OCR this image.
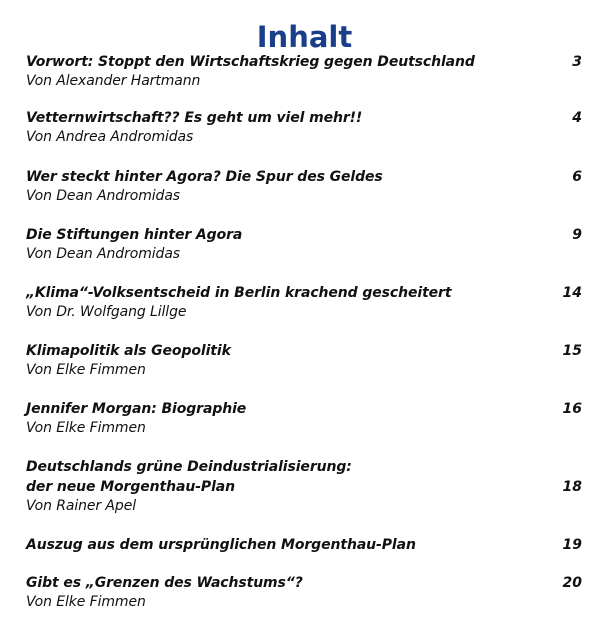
Inhalt
Vorwort: Stoppt den Wirtschaftskrieg gegen Deutschland
Von Alexander Hartmann
3
Vetternwirtschaft?? Es geht um viel mehr!!
Von Andrea Andromidas
4
Wer steckt hinter Agora? Die Spur des Geldes
Von Dean Andromidas
6
Die Stiftungen hinter Agora
Von Dean Andromidas
9
„Klima“-Volksentscheid in Berlin krachend gescheitert
Von Dr. Wolfgang Lillge
14
Klimapolitik als Geopolitik
Von Elke Fimmen
15
Jennifer Morgan: Biographie
Von Elke Fimmen
16
Deutschlands grüne Deindustrialisierung:
der neue Morgenthau-Plan
Von Rainer Apel
18
Auszug aus dem ursprünglichen Morgenthau-Plan	19
Gibt es „Grenzen des Wachstums“?
Von Elke Fimmen
20
